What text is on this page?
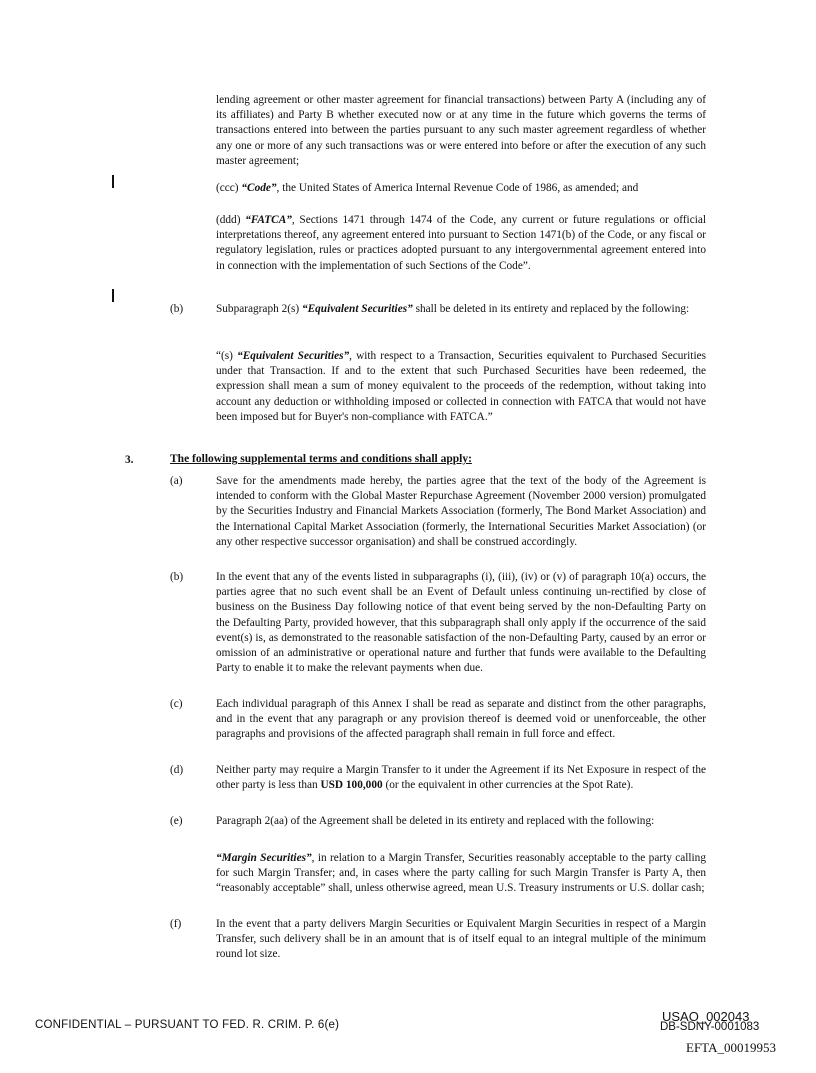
lending agreement or other master agreement for financial transactions) between Party A (including any of its affiliates) and Party B whether executed now or at any time in the future which governs the terms of transactions entered into between the parties pursuant to any such master agreement regardless of whether any one or more of any such transactions was or were entered into before or after the execution of any such master agreement;

(ccc) “Code”, the United States of America Internal Revenue Code of 1986, as amended; and

(ddd) “FATCA”, Sections 1471 through 1474 of the Code, any current or future regulations or official interpretations thereof, any agreement entered into pursuant to Section 1471(b) of the Code, or any fiscal or regulatory legislation, rules or practices adopted pursuant to any intergovernmental agreement entered into in connection with the implementation of such Sections of the Code”.

(b)	Subparagraph 2(s) “Equivalent Securities” shall be deleted in its entirety and replaced by the following:

“(s) “Equivalent Securities”, with respect to a Transaction, Securities equivalent to Purchased Securities under that Transaction. If and to the extent that such Purchased Securities have been redeemed, the expression shall mean a sum of money equivalent to the proceeds of the redemption, without taking into account any deduction or withholding imposed or collected in connection with FATCA that would not have been imposed but for Buyer's non-compliance with FATCA.”

3.	The following supplemental terms and conditions shall apply:
(a)	Save for the amendments made hereby, the parties agree that the text of the body of the Agreement is intended to conform with the Global Master Repurchase Agreement (November 2000 version) promulgated by the Securities Industry and Financial Markets Association (formerly, The Bond Market Association) and the International Capital Market Association (formerly, the International Securities Market Association) (or any other respective successor organisation) and shall be construed accordingly.

(b)	In the event that any of the events listed in subparagraphs (i), (iii), (iv) or (v) of paragraph 10(a) occurs, the parties agree that no such event shall be an Event of Default unless continuing un-rectified by close of business on the Business Day following notice of that event being served by the non-Defaulting Party on the Defaulting Party, provided however, that this subparagraph shall only apply if the occurrence of the said event(s) is, as demonstrated to the reasonable satisfaction of the non-Defaulting Party, caused by an error or omission of an administrative or operational nature and further that funds were available to the Defaulting Party to enable it to make the relevant payments when due.

(c)	Each individual paragraph of this Annex I shall be read as separate and distinct from the other paragraphs, and in the event that any paragraph or any provision thereof is deemed void or unenforceable, the other paragraphs and provisions of the affected paragraph shall remain in full force and effect.

(d)	Neither party may require a Margin Transfer to it under the Agreement if its Net Exposure in respect of the other party is less than USD 100,000 (or the equivalent in other currencies at the Spot Rate).

(e)	Paragraph 2(aa) of the Agreement shall be deleted in its entirety and replaced with the following:

“Margin Securities”, in relation to a Margin Transfer, Securities reasonably acceptable to the party calling for such Margin Transfer; and, in cases where the party calling for such Margin Transfer is Party A, then “reasonably acceptable” shall, unless otherwise agreed, mean U.S. Treasury instruments or U.S. dollar cash;

(f)	In the event that a party delivers Margin Securities or Equivalent Margin Securities in respect of a Margin Transfer, such delivery shall be in an amount that is of itself equal to an integral multiple of the minimum round lot size.

CONFIDENTIAL – PURSUANT TO FED. R. CRIM. P. 6(e)
USAO_002043
DB-SDNY-0001083
EFTA_00019953
